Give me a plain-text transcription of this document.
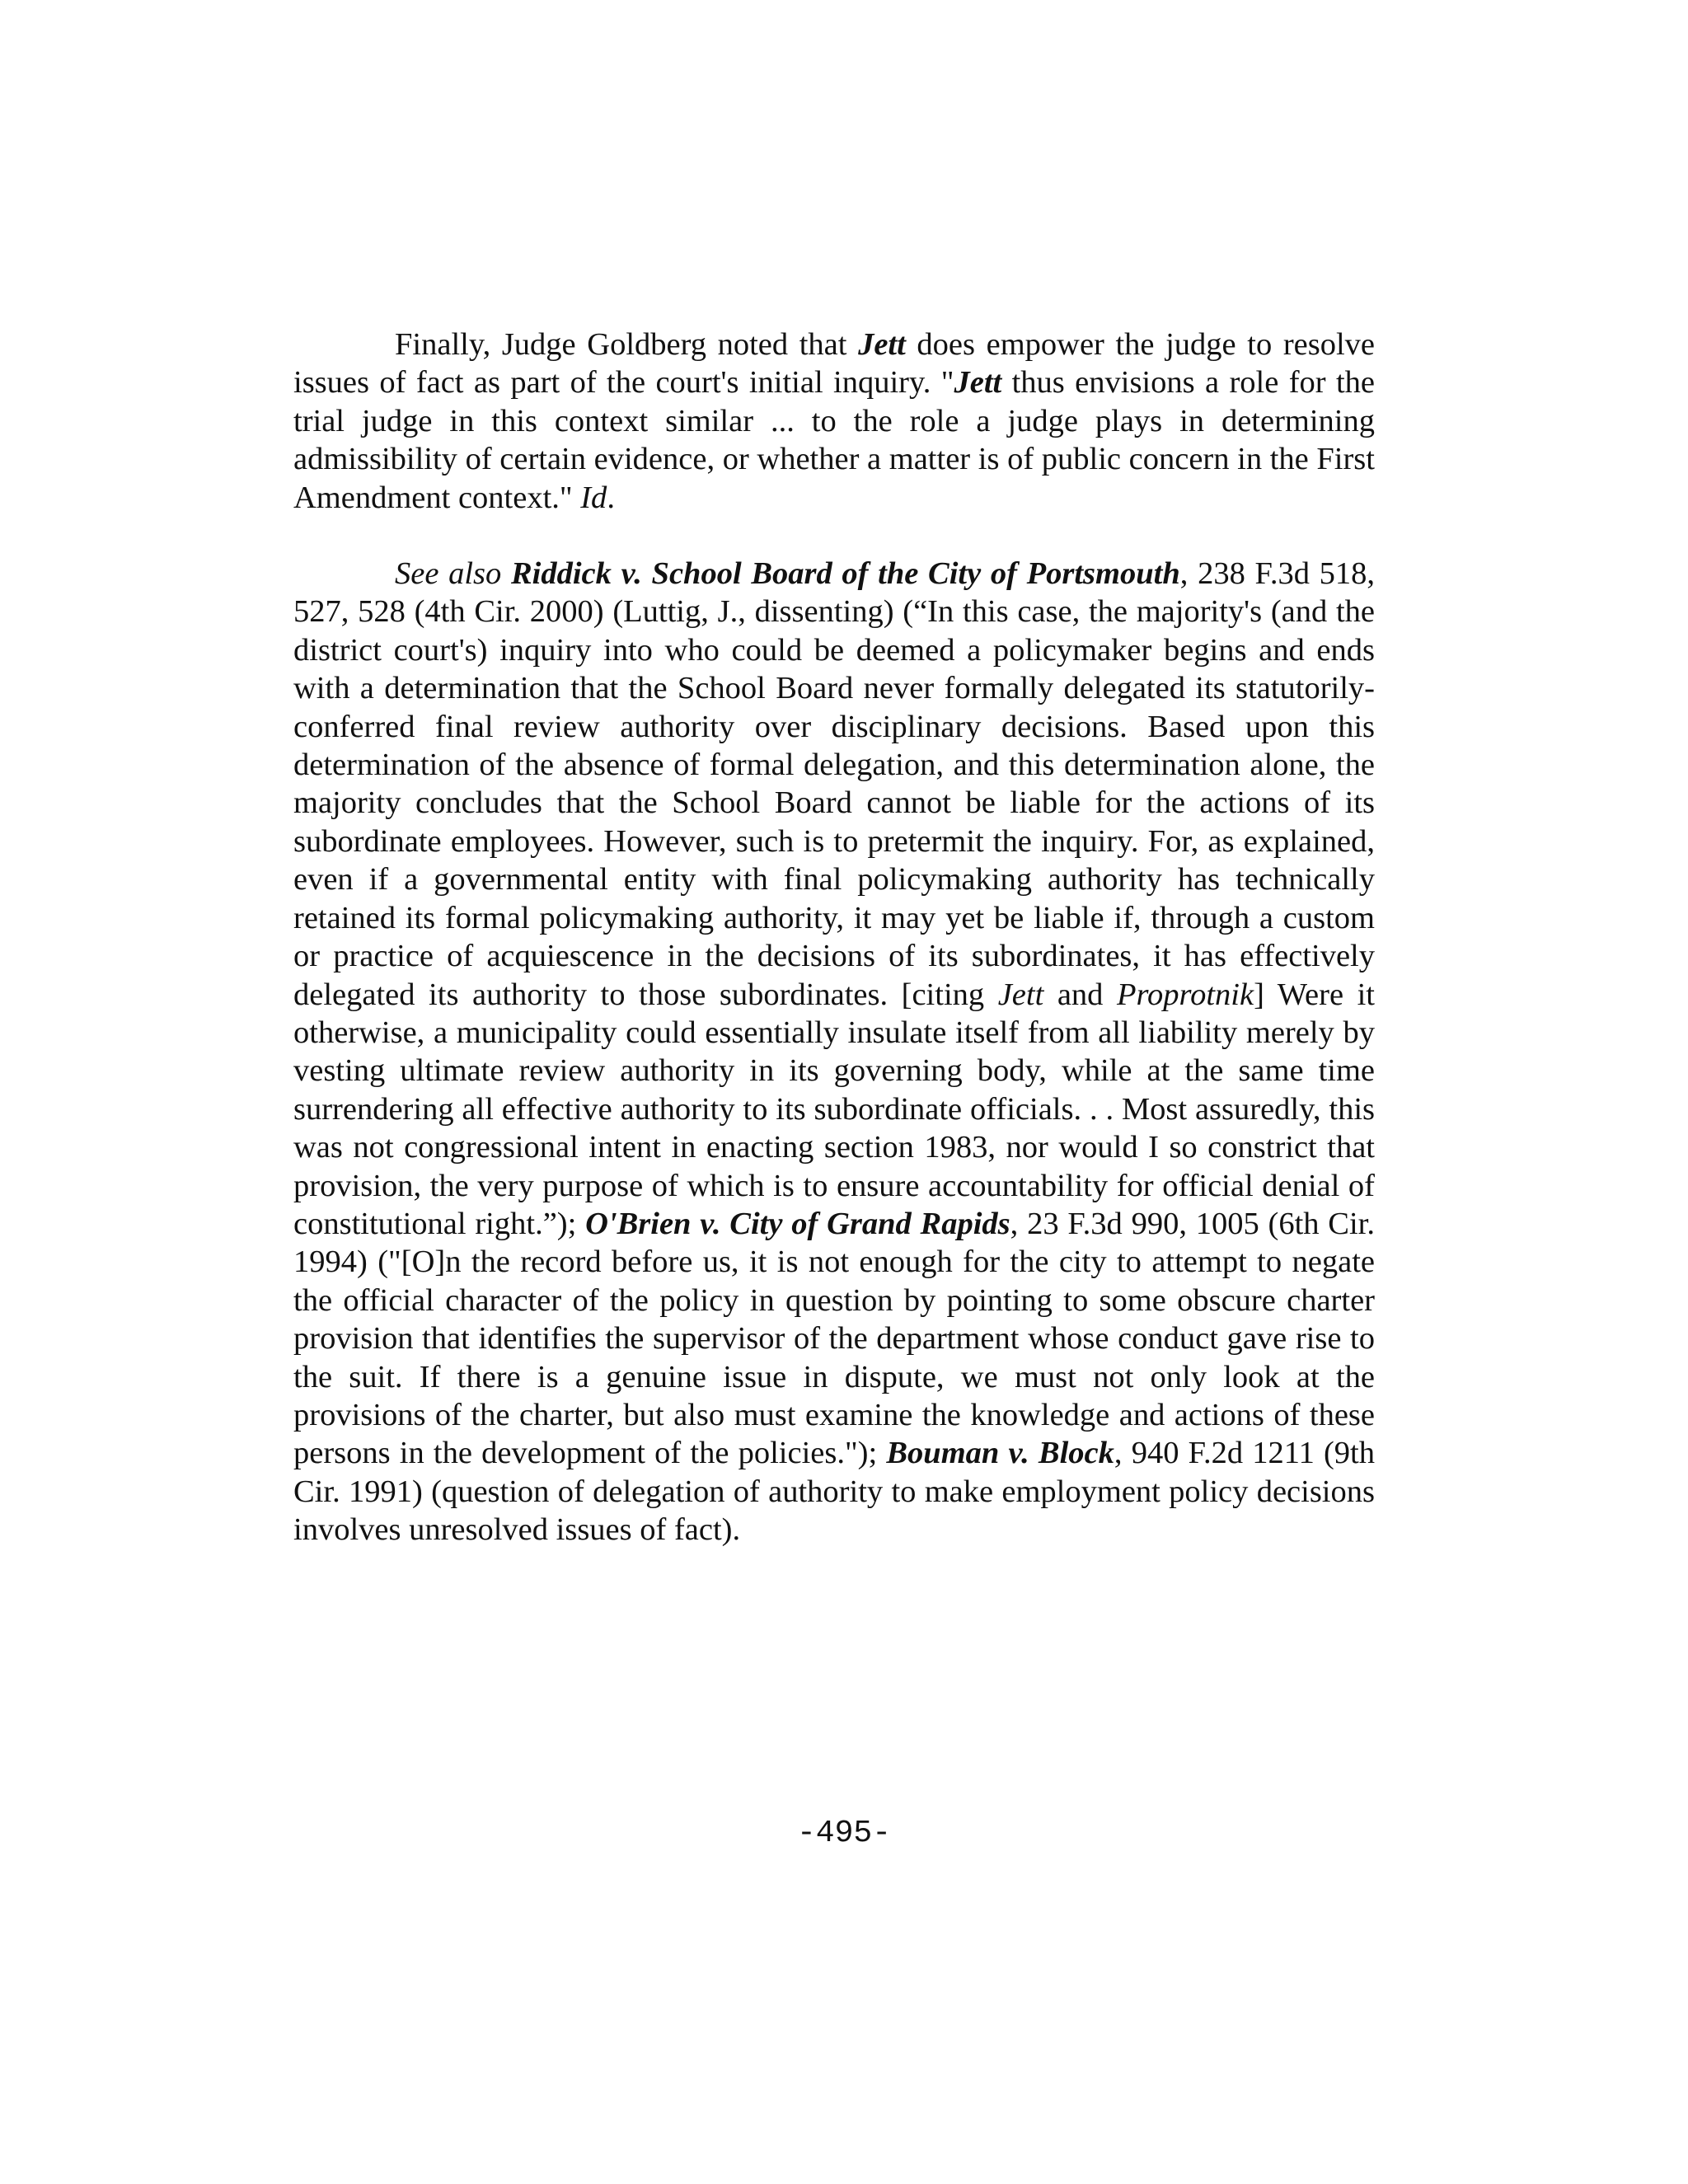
Finally, Judge Goldberg noted that Jett does empower the judge to resolve issues of fact as part of the court's initial inquiry. "Jett thus envisions a role for the trial judge in this context similar ... to the role a judge plays in determining admissibility of certain evidence, or whether a matter is of public concern in the First Amendment context." Id.

See also Riddick v. School Board of the City of Portsmouth, 238 F.3d 518, 527, 528 (4th Cir. 2000) (Luttig, J., dissenting) (“In this case, the majority's (and the district court's) inquiry into who could be deemed a policymaker begins and ends with a determination that the School Board never formally delegated its statutorily-conferred final review authority over disciplinary decisions. Based upon this determination of the absence of formal delegation, and this determination alone, the majority concludes that the School Board cannot be liable for the actions of its subordinate employees. However, such is to pretermit the inquiry. For, as explained, even if a governmental entity with final policymaking authority has technically retained its formal policymaking authority, it may yet be liable if, through a custom or practice of acquiescence in the decisions of its subordinates, it has effectively delegated its authority to those subordinates. [citing Jett and Proprotnik] Were it otherwise, a municipality could essentially insulate itself from all liability merely by vesting ultimate review authority in its governing body, while at the same time surrendering all effective authority to its subordinate officials. . . Most assuredly, this was not congressional intent in enacting section 1983, nor would I so constrict that provision, the very purpose of which is to ensure accountability for official denial of constitutional right.”); O'Brien v. City of Grand Rapids, 23 F.3d 990, 1005 (6th Cir. 1994) ("[O]n the record before us, it is not enough for the city to attempt to negate the official character of the policy in question by pointing to some obscure charter provision that identifies the supervisor of the department whose conduct gave rise to the suit. If there is a genuine issue in dispute, we must not only look at the provisions of the charter, but also must examine the knowledge and actions of these persons in the development of the policies."); Bouman v. Block, 940 F.2d 1211 (9th Cir. 1991) (question of delegation of authority to make employment policy decisions involves unresolved issues of fact).

-495-
